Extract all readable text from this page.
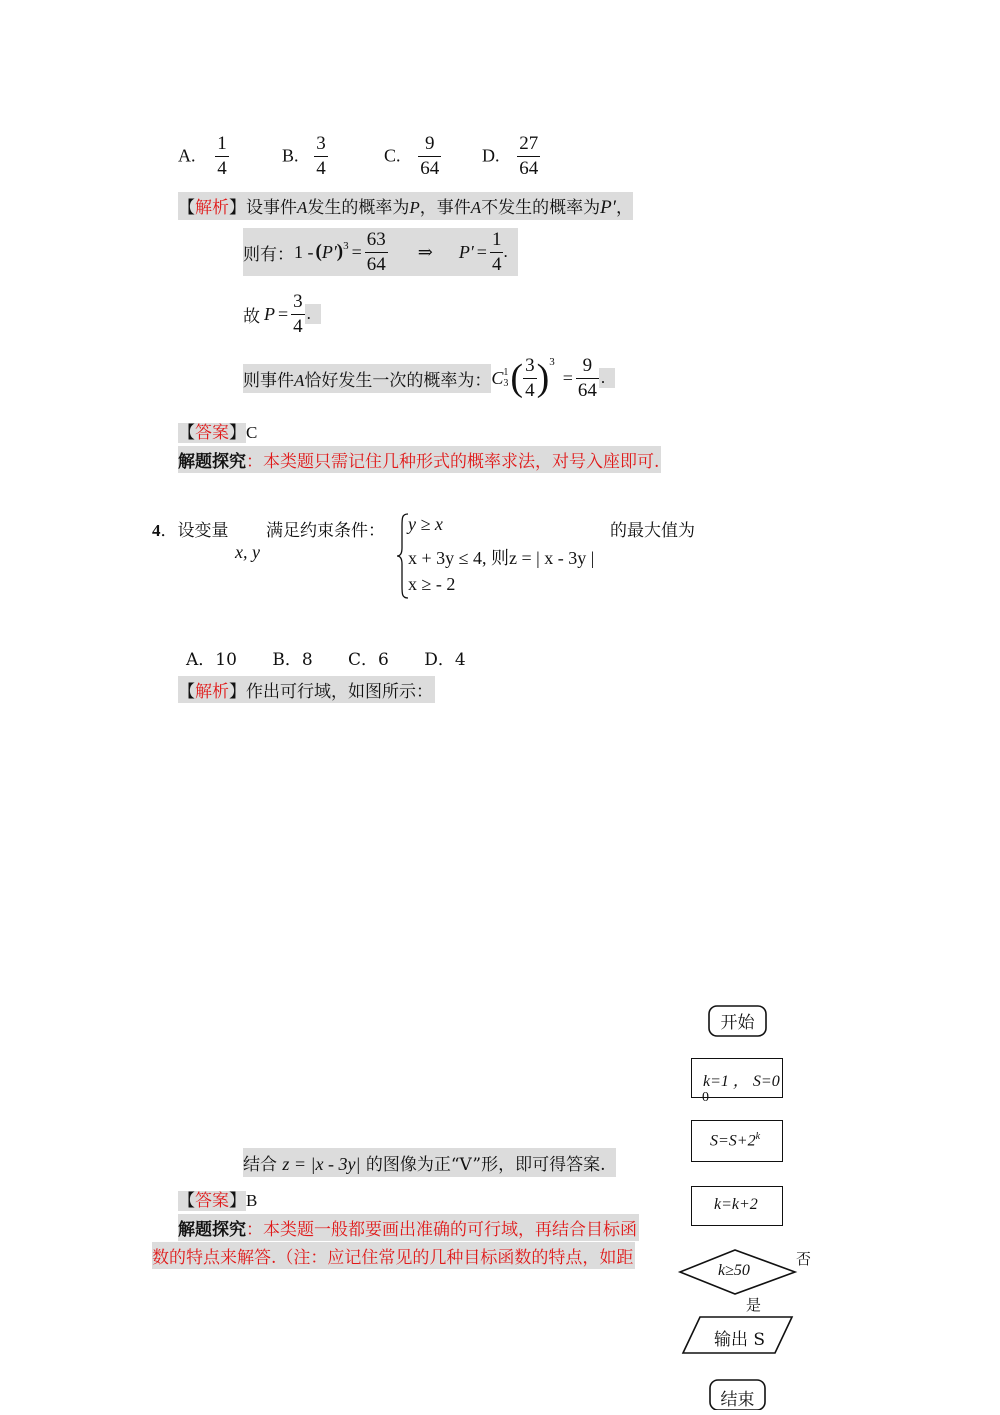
A. $\frac{1}{4}$	B. $\frac{3}{4}$	C. $\frac{9}{64} D$. $\frac{27}{64}$
【解析】设事件A发生的概率为P，事件A不发生的概率为P′，
则有： 1 - ( P′ )$^3 = \frac{63}{64}$ ⇒ $P' = \frac{1}{4}$ .
故 $P = \frac{3}{4}$ .
则事件A恰好发生一次的概率为： C 1
3 ( $\frac{3}{4} )^3$
= $\frac{9}{64}$ .
【答案】C
解题探究：本类题只需记住几种形式的概率求法，对号入座即可.
4．设变量
x, y
满足约束条件： y ≥ x
x + 3y ≤ 4, 则z = | x - 3y |
x ≥ - 2
的最大值为
A．10 B．8 C．6 D．4
【解析】作出可行域，如图所示：
结合 z = |x - 3y| 的图像为正“V”形，即可得答案.
【答案】B
解题探究：本类题一般都要画出准确的可行域，再结合目标函
数的特点来解答.（注：应记住常见的几种目标函数的特点，如距
开始
k=1 ， S=0
0
$S=S+2^k$
k=k+2
k≥50
否
是
输出 S
结束
